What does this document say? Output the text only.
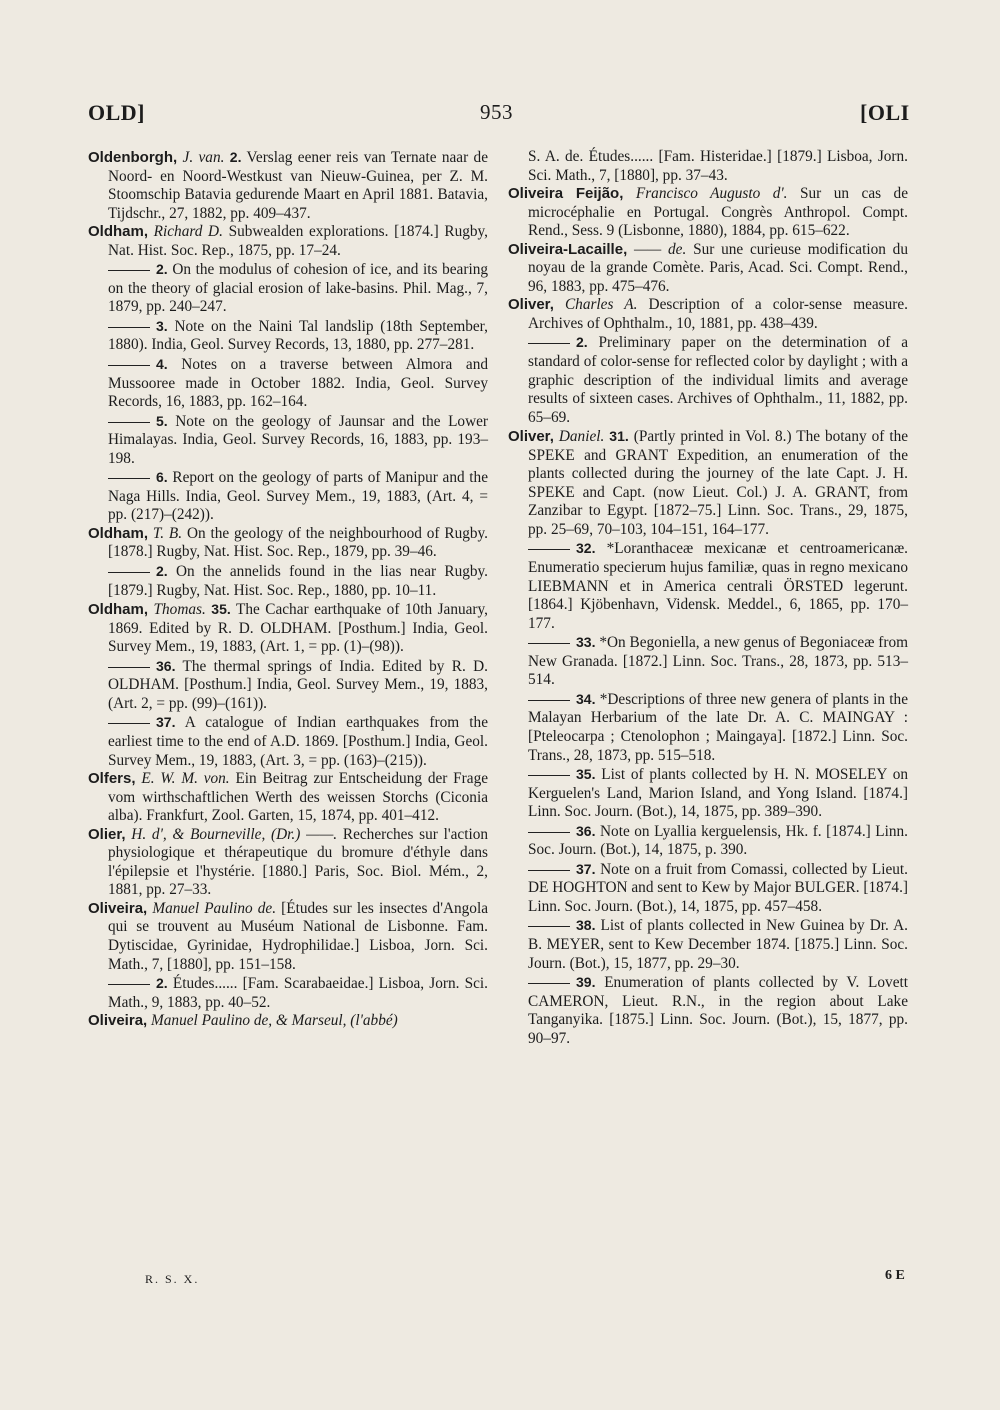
OLD]	953	[OLI

Oldenborgh, J. van. 2. Verslag eener reis van Ternate naar de Noord- en Noord-Westkust van Nieuw-Guinea, per Z. M. Stoomschip Batavia gedurende Maart en April 1881. Batavia, Tijdschr., 27, 1882, pp. 409–437.

Oldham, Richard D. Subwealden explorations. [1874.] Rugby, Nat. Hist. Soc. Rep., 1875, pp. 17–24.

2. On the modulus of cohesion of ice, and its bearing on the theory of glacial erosion of lake-basins. Phil. Mag., 7, 1879, pp. 240–247.

3. Note on the Naini Tal landslip (18th September, 1880). India, Geol. Survey Records, 13, 1880, pp. 277–281.

4. Notes on a traverse between Almora and Mussooree made in October 1882. India, Geol. Survey Records, 16, 1883, pp. 162–164.

5. Note on the geology of Jaunsar and the Lower Himalayas. India, Geol. Survey Records, 16, 1883, pp. 193–198.

6. Report on the geology of parts of Manipur and the Naga Hills. India, Geol. Survey Mem., 19, 1883, (Art. 4, = pp. (217)–(242)).

Oldham, T. B. On the geology of the neighbourhood of Rugby. [1878.] Rugby, Nat. Hist. Soc. Rep., 1879, pp. 39–46.

2. On the annelids found in the lias near Rugby. [1879.] Rugby, Nat. Hist. Soc. Rep., 1880, pp. 10–11.

Oldham, Thomas. 35. The Cachar earthquake of 10th January, 1869. Edited by R. D. OLDHAM. [Posthum.] India, Geol. Survey Mem., 19, 1883, (Art. 1, = pp. (1)–(98)).

36. The thermal springs of India. Edited by R. D. OLDHAM. [Posthum.] India, Geol. Survey Mem., 19, 1883, (Art. 2, = pp. (99)–(161)).

37. A catalogue of Indian earthquakes from the earliest time to the end of A.D. 1869. [Posthum.] India, Geol. Survey Mem., 19, 1883, (Art. 3, = pp. (163)–(215)).

Olfers, E. W. M. von. Ein Beitrag zur Entscheidung der Frage vom wirthschaftlichen Werth des weissen Storchs (Ciconia alba). Frankfurt, Zool. Garten, 15, 1874, pp. 401–412.

Olier, H. d', & Bourneville, (Dr.) ——. Recherches sur l'action physiologique et thérapeutique du bromure d'éthyle dans l'épilepsie et l'hystérie. [1880.] Paris, Soc. Biol. Mém., 2, 1881, pp. 27–33.

Oliveira, Manuel Paulino de. [Études sur les insectes d'Angola qui se trouvent au Muséum National de Lisbonne. Fam. Dytiscidae, Gyrinidae, Hydrophilidae.] Lisboa, Jorn. Sci. Math., 7, [1880], pp. 151–158.

2. Études...... [Fam. Scarabaeidae.] Lisboa, Jorn. Sci. Math., 9, 1883, pp. 40–52.

Oliveira, Manuel Paulino de, & Marseul, (l'abbé)

S. A. de. Études...... [Fam. Histeridae.] [1879.] Lisboa, Jorn. Sci. Math., 7, [1880], pp. 37–43.

Oliveira Feijão, Francisco Augusto d'. Sur un cas de microcéphalie en Portugal. Congrès Anthropol. Compt. Rend., Sess. 9 (Lisbonne, 1880), 1884, pp. 615–622.

Oliveira-Lacaille, —— de. Sur une curieuse modification du noyau de la grande Comète. Paris, Acad. Sci. Compt. Rend., 96, 1883, pp. 475–476.

Oliver, Charles A. Description of a color-sense measure. Archives of Ophthalm., 10, 1881, pp. 438–439.

2. Preliminary paper on the determination of a standard of color-sense for reflected color by daylight ; with a graphic description of the individual limits and average results of sixteen cases. Archives of Ophthalm., 11, 1882, pp. 65–69.

Oliver, Daniel. 31. (Partly printed in Vol. 8.) The botany of the SPEKE and GRANT Expedition, an enumeration of the plants collected during the journey of the late Capt. J. H. SPEKE and Capt. (now Lieut. Col.) J. A. GRANT, from Zanzibar to Egypt. [1872–75.] Linn. Soc. Trans., 29, 1875, pp. 25–69, 70–103, 104–151, 164–177.

32. *Loranthaceæ mexicanæ et centroamericanæ. Enumeratio specierum hujus familiæ, quas in regno mexicano LIEBMANN et in America centrali ÖRSTED legerunt. [1864.] Kjöbenhavn, Vidensk. Meddel., 6, 1865, pp. 170–177.

33. *On Begoniella, a new genus of Begoniaceæ from New Granada. [1872.] Linn. Soc. Trans., 28, 1873, pp. 513–514.

34. *Descriptions of three new genera of plants in the Malayan Herbarium of the late Dr. A. C. MAINGAY : [Pteleocarpa ; Ctenolophon ; Maingaya]. [1872.] Linn. Soc. Trans., 28, 1873, pp. 515–518.

35. List of plants collected by H. N. MOSELEY on Kerguelen's Land, Marion Island, and Yong Island. [1874.] Linn. Soc. Journ. (Bot.), 14, 1875, pp. 389–390.

36. Note on Lyallia kerguelensis, Hk. f. [1874.] Linn. Soc. Journ. (Bot.), 14, 1875, p. 390.

37. Note on a fruit from Comassi, collected by Lieut. DE HOGHTON and sent to Kew by Major BULGER. [1874.] Linn. Soc. Journ. (Bot.), 14, 1875, pp. 457–458.

38. List of plants collected in New Guinea by Dr. A. B. MEYER, sent to Kew December 1874. [1875.] Linn. Soc. Journ. (Bot.), 15, 1877, pp. 29–30.

39. Enumeration of plants collected by V. Lovett CAMERON, Lieut. R.N., in the region about Lake Tanganyika. [1875.] Linn. Soc. Journ. (Bot.), 15, 1877, pp. 90–97.

R. S. X.	6 E
